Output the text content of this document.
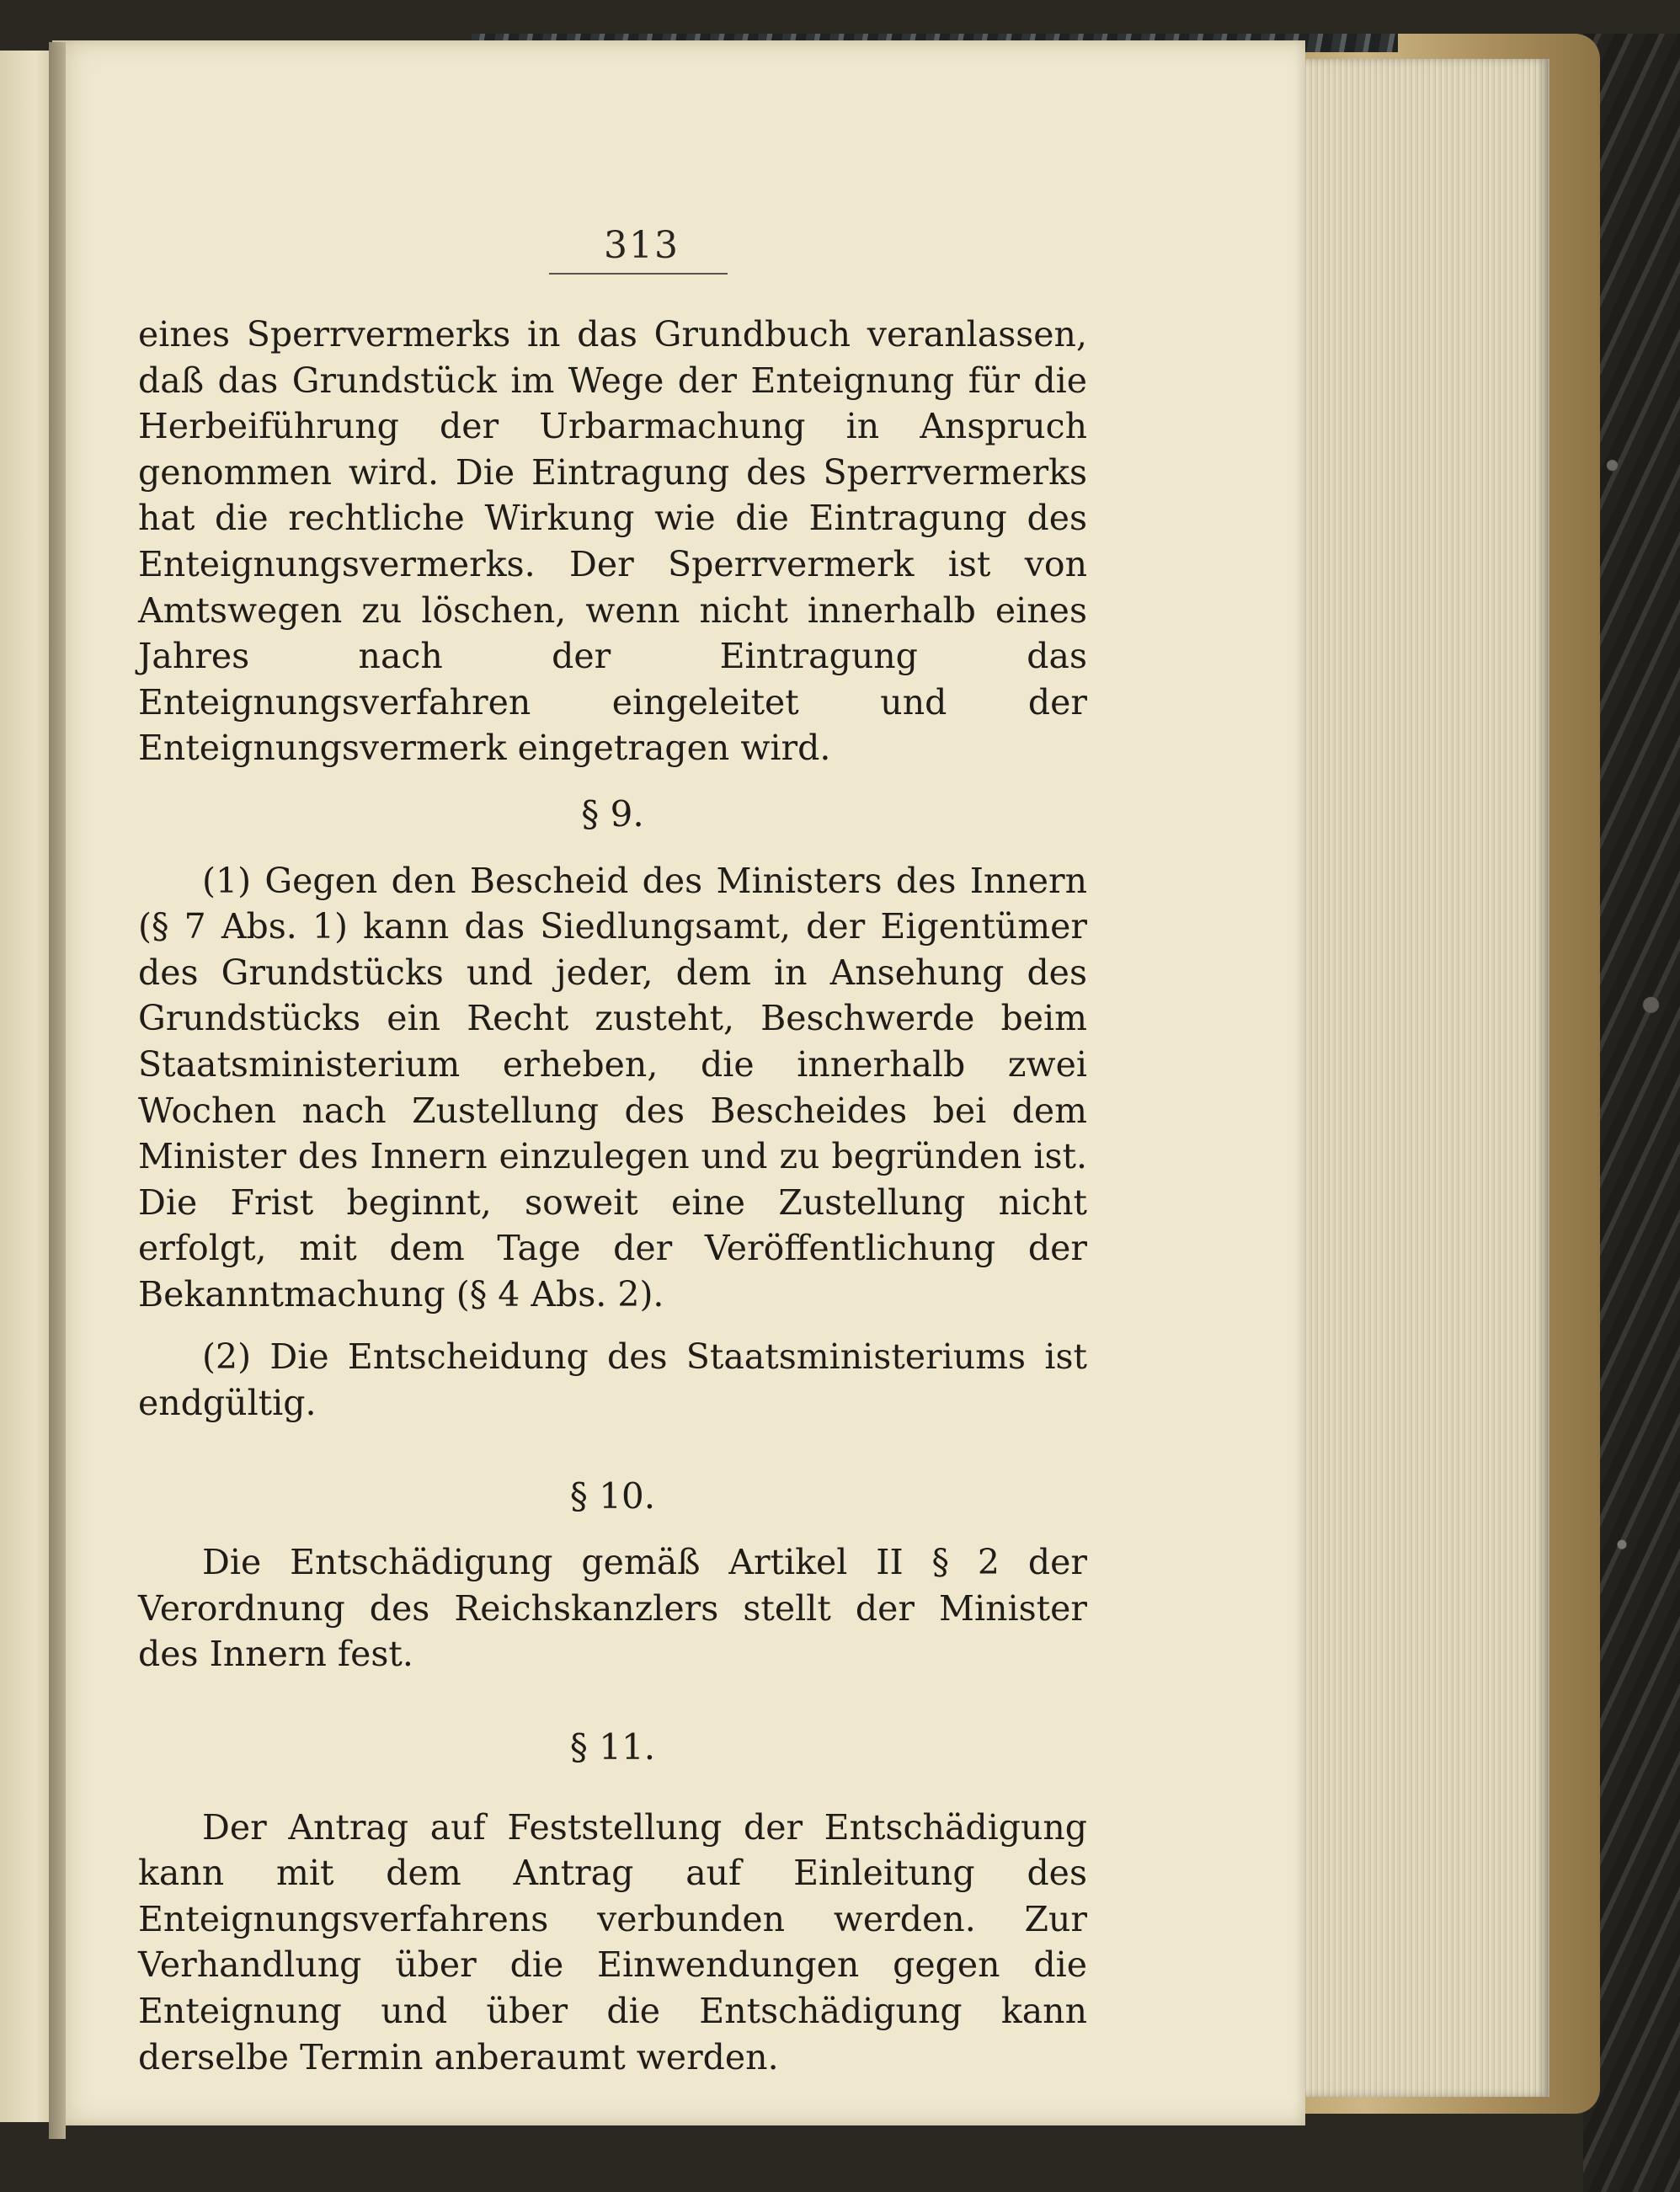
313

eines Sperrvermerks in das Grundbuch veranlassen, daß das Grundstück im Wege der Enteignung für die Herbeiführung der Urbarmachung in Anspruch genommen wird. Die Eintragung des Sperrvermerks hat die rechtliche Wirkung wie die Eintragung des Enteignungsvermerks. Der Sperrvermerk ist von Amtswegen zu löschen, wenn nicht innerhalb eines Jahres nach der Eintragung das Enteignungsverfahren eingeleitet und der Enteignungsvermerk eingetragen wird.

§ 9.

(1) Gegen den Bescheid des Ministers des Innern (§ 7 Abs. 1) kann das Siedlungsamt, der Eigentümer des Grundstücks und jeder, dem in Ansehung des Grundstücks ein Recht zusteht, Beschwerde beim Staatsministerium erheben, die innerhalb zwei Wochen nach Zustellung des Bescheides bei dem Minister des Innern einzulegen und zu begründen ist. Die Frist beginnt, soweit eine Zustellung nicht erfolgt, mit dem Tage der Veröffentlichung der Bekanntmachung (§ 4 Abs. 2).

(2) Die Entscheidung des Staatsministeriums ist endgültig.

§ 10.

Die Entschädigung gemäß Artikel II § 2 der Verordnung des Reichskanzlers stellt der Minister des Innern fest.

§ 11.

Der Antrag auf Feststellung der Entschädigung kann mit dem Antrag auf Einleitung des Enteignungsverfahrens verbunden werden. Zur Verhandlung über die Einwendungen gegen die Enteignung und über die Entschädigung kann derselbe Termin anberaumt werden.
